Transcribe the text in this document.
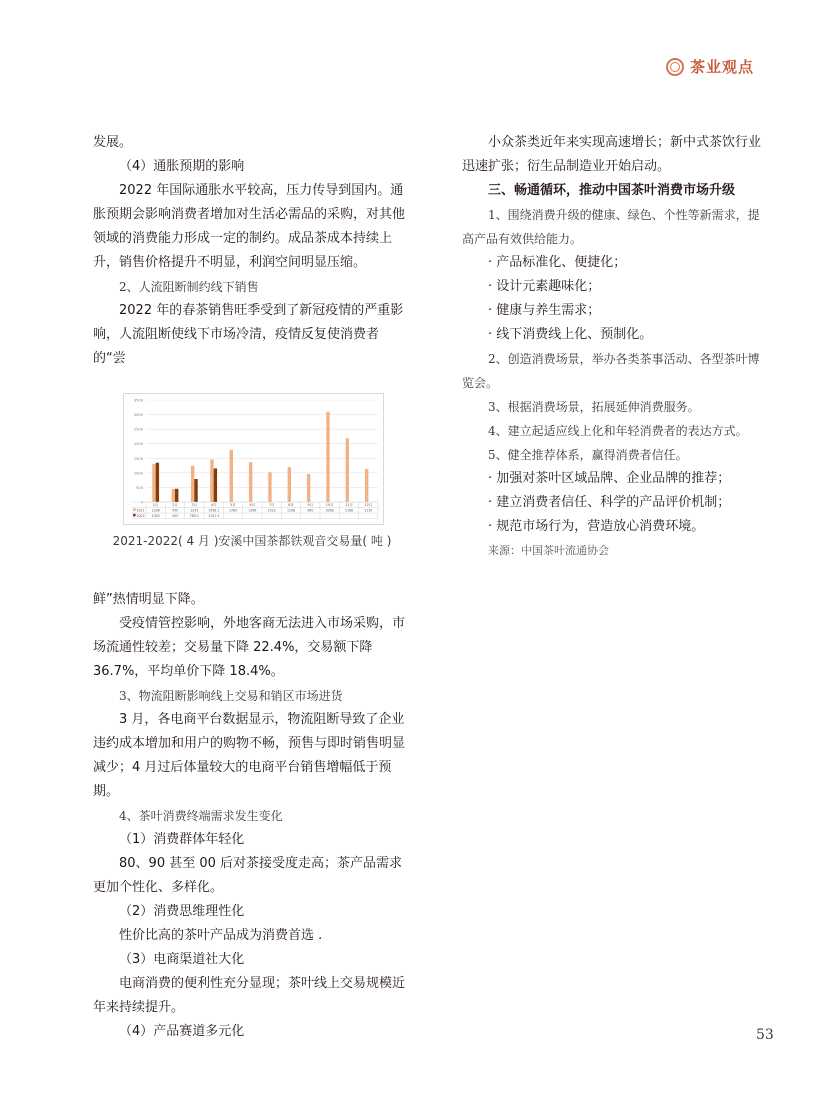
茶业观点

发展。

（4）通胀预期的影响

2022 年国际通胀水平较高，压力传导到国内。通胀预期会影响消费者增加对生活必需品的采购，对其他领域的消费能力形成一定的制约。成品茶成本持续上升，销售价格提升不明显，利润空间明显压缩。

2、人流阻断制约线下销售

2022 年的春茶销售旺季受到了新冠疫情的严重影响，人流阻断使线下市场冷清，疫情反复使消费者的“尝

0
500
1000
1500
2000
2500
3000
3500
1月	2月	3月	4月	5月	6月	7月	8月	9月	10月	11月	12月
2021 1298	450	1241	1458.1	1789	1366	1022	1198	960	3098	2186	1130
2022 1350	453	789.1	1151.3
2021-2022( 4 月 )安溪中国茶都铁观音交易量( 吨 )

鲜”热情明显下降。

受疫情管控影响，外地客商无法进入市场采购，市场流通性较差；交易量下降 22.4%，交易额下降 36.7%，平均单价下降 18.4%。

3、物流阻断影响线上交易和销区市场进货

3 月，各电商平台数据显示，物流阻断导致了企业违约成本增加和用户的购物不畅，预售与即时销售明显减少；4 月过后体量较大的电商平台销售增幅低于预期。

4、茶叶消费终端需求发生变化

（1）消费群体年轻化

80、90 甚至 00 后对茶接受度走高；茶产品需求更加个性化、多样化。

（2）消费思维理性化

性价比高的茶叶产品成为消费首选 .

（3）电商渠道社大化

电商消费的便利性充分显现；茶叶线上交易规模近年来持续提升。

（4）产品赛道多元化

小众茶类近年来实现高速增长；新中式茶饮行业迅速扩张；衍生品制造业开始启动。

三、畅通循环，推动中国茶叶消费市场升级

1、围绕消费升级的健康、绿色、个性等新需求，提高产品有效供给能力。

· 产品标准化、便捷化；

· 设计元素趣味化；

· 健康与养生需求；

· 线下消费线上化、预制化。

2、创造消费场景，举办各类茶事活动、各型茶叶博览会。

3、根据消费场景，拓展延伸消费服务。

4、建立起适应线上化和年轻消费者的表达方式。

5、健全推荐体系，赢得消费者信任。

· 加强对茶叶区域品牌、企业品牌的推荐；

· 建立消费者信任、科学的产品评价机制；

· 规范市场行为，营造放心消费环境。

来源：中国茶叶流通协会

53
